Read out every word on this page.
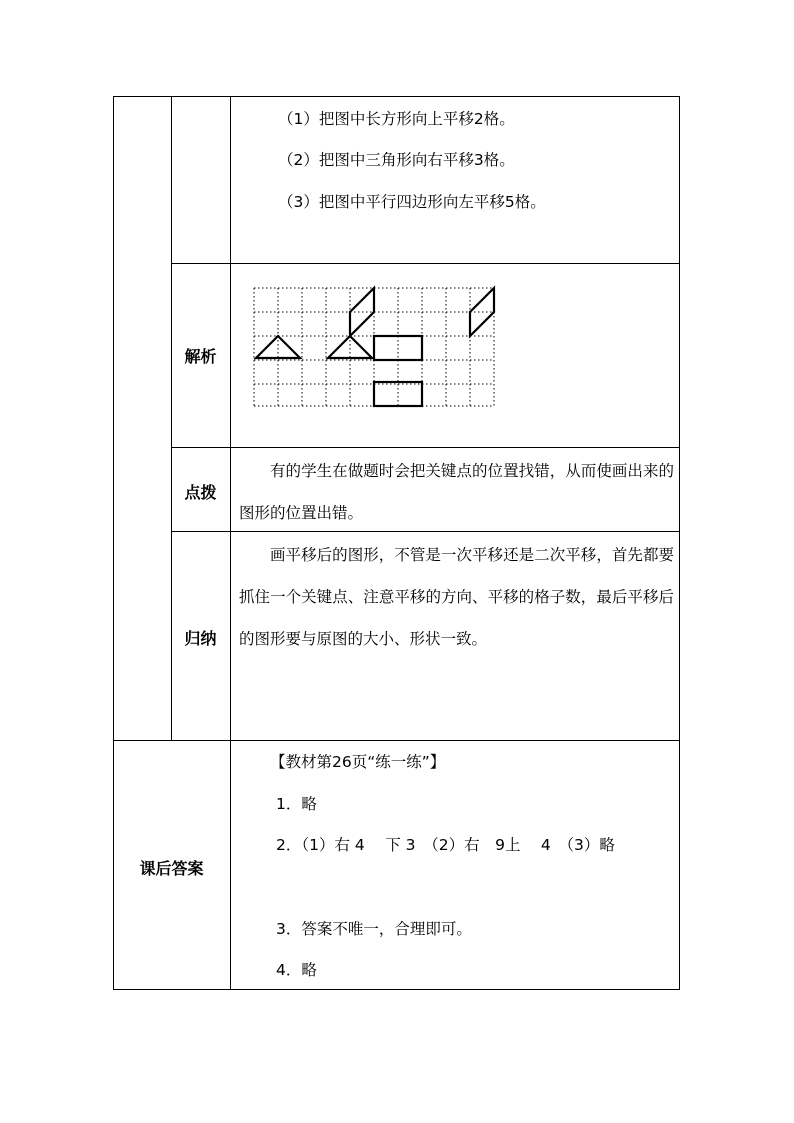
（1）把图中长方形向上平移2格。
（2）把图中三角形向右平移3格。
（3）把图中平行四边形向左平移5格。
解析
点拨
有的学生在做题时会把关键点的位置找错，从而使画出来的图形的位置出错。
归纳
画平移后的图形，不管是一次平移还是二次平移，首先都要抓住一个关键点、注意平移的方向、平移的格子数，最后平移后的图形要与原图的大小、形状一致。
课后答案
【教材第26页“练一练”】
1．略
2．（1）右 4　 下 3　（2）右　9上　 4　（3）略
3．答案不唯一，合理即可。
4．略
